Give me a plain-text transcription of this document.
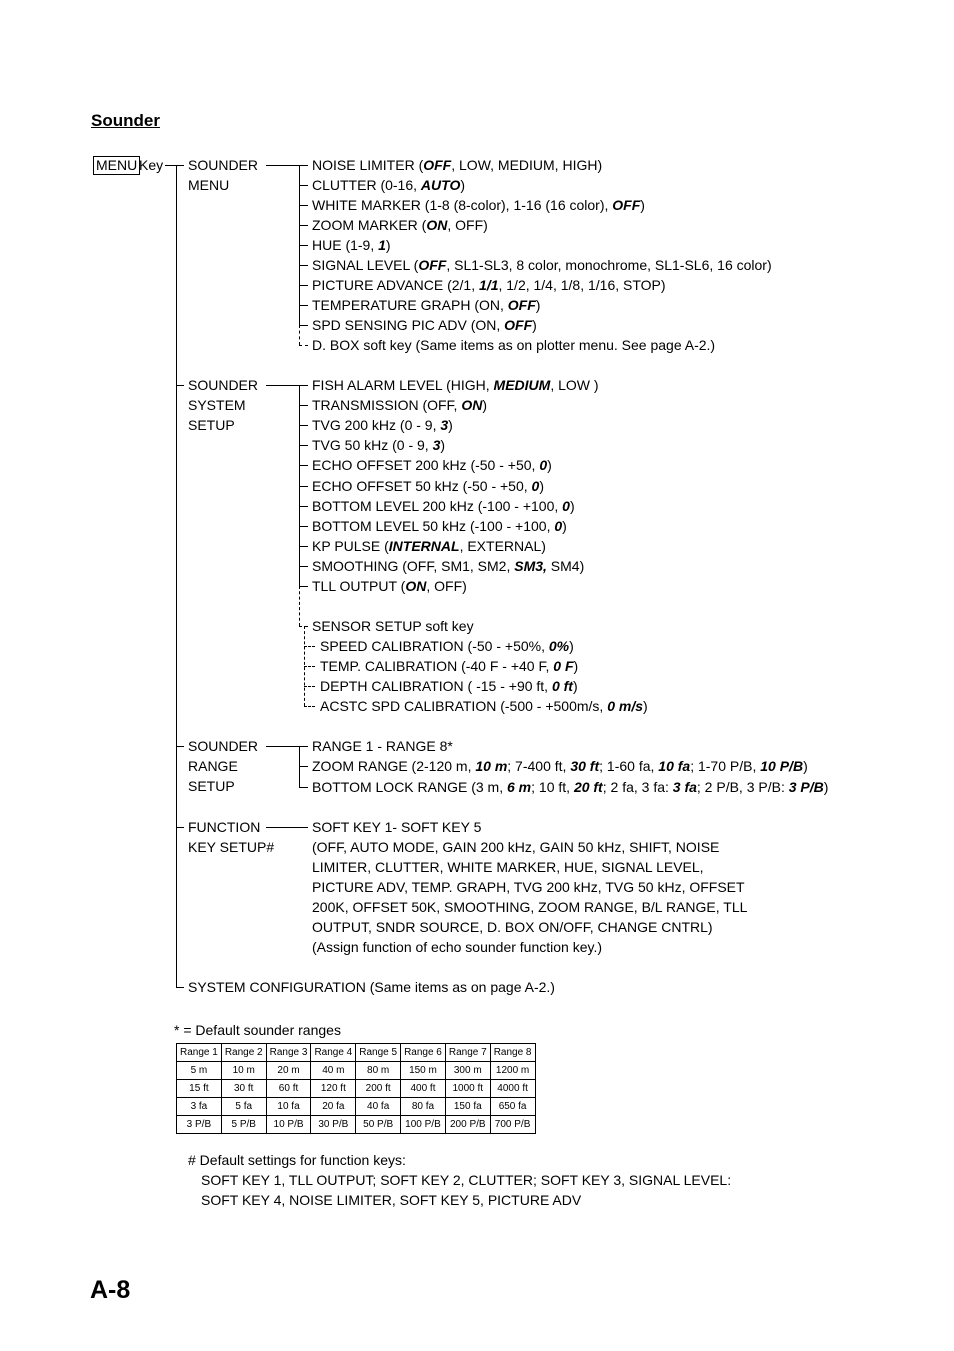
Sounder
MENU Key SOUNDER
MENU
SOUNDER
SYSTEM
SETUP
SOUNDER
RANGE
SETUP
FUNCTION
KEY SETUP#
NOISE LIMITER (OFF, LOW, MEDIUM, HIGH)
CLUTTER (0-16, AUTO)
WHITE MARKER (1-8 (8-color), 1-16 (16 color), OFF)
ZOOM MARKER (ON, OFF)
HUE (1-9, 1)
SIGNAL LEVEL (OFF, SL1-SL3, 8 color, monochrome, SL1-SL6, 16 color)
PICTURE ADVANCE (2/1, 1/1, 1/2, 1/4, 1/8, 1/16, STOP)
TEMPERATURE GRAPH (ON, OFF)
SPD SENSING PIC ADV (ON, OFF)
D. BOX soft key (Same items as on plotter menu. See page A-2.)
FISH ALARM LEVEL (HIGH, MEDIUM, LOW )
TRANSMISSION (OFF, ON)
TVG 200 kHz (0 - 9, 3)
TVG 50 kHz (0 - 9, 3)
ECHO OFFSET 200 kHz (-50 - +50, 0)
ECHO OFFSET 50 kHz (-50 - +50, 0)
BOTTOM LEVEL 200 kHz (-100 - +100, 0)
BOTTOM LEVEL 50 kHz (-100 - +100, 0)
KP PULSE (INTERNAL, EXTERNAL)
SMOOTHING (OFF, SM1, SM2, SM3, SM4)
TLL OUTPUT (ON, OFF)
SENSOR SETUP soft key
SPEED CALIBRATION (-50 - +50%, 0%)
TEMP. CALIBRATION (-40 F - +40 F, 0 F)
DEPTH CALIBRATION ( -15 - +90 ft, 0 ft)
ACSTC SPD CALIBRATION (-500 - +500m/s, 0 m/s)
RANGE 1 - RANGE 8*
ZOOM RANGE (2-120 m, 10 m; 7-400 ft, 30 ft; 1-60 fa, 10 fa; 1-70 P/B, 10 P/B)
BOTTOM LOCK RANGE (3 m, 6 m; 10 ft, 20 ft; 2 fa, 3 fa: 3 fa; 2 P/B, 3 P/B: 3 P/B)
SOFT KEY 1- SOFT KEY 5
(OFF, AUTO MODE, GAIN 200 kHz, GAIN 50 kHz, SHIFT, NOISE
LIMITER, CLUTTER, WHITE MARKER, HUE, SIGNAL LEVEL,
PICTURE ADV, TEMP. GRAPH, TVG 200 kHz, TVG 50 kHz, OFFSET
200K, OFFSET 50K, SMOOTHING, ZOOM RANGE, B/L RANGE, TLL
OUTPUT, SNDR SOURCE, D. BOX ON/OFF, CHANGE CNTRL)
(Assign function of echo sounder function key.)
SYSTEM CONFIGURATION (Same items as on page A-2.)
* = Default sounder ranges
Range 1	Range 2	Range 3	Range 4	Range 5	Range 6	Range 7	Range 8
5 m	10 m	20 m	40 m	80 m	150 m	300 m	1200 m
15 ft	30 ft	60 ft	120 ft	200 ft	400 ft	1000 ft	4000 ft
3 fa	5 fa	10 fa	20 fa	40 fa	80 fa	150 fa	650 fa
3 P/B	5 P/B	10 P/B	30 P/B	50 P/B	100 P/B	200 P/B	700 P/B
# Default settings for function keys:
SOFT KEY 1, TLL OUTPUT; SOFT KEY 2, CLUTTER; SOFT KEY 3, SIGNAL LEVEL:
SOFT KEY 4, NOISE LIMITER, SOFT KEY 5, PICTURE ADV
A-8
